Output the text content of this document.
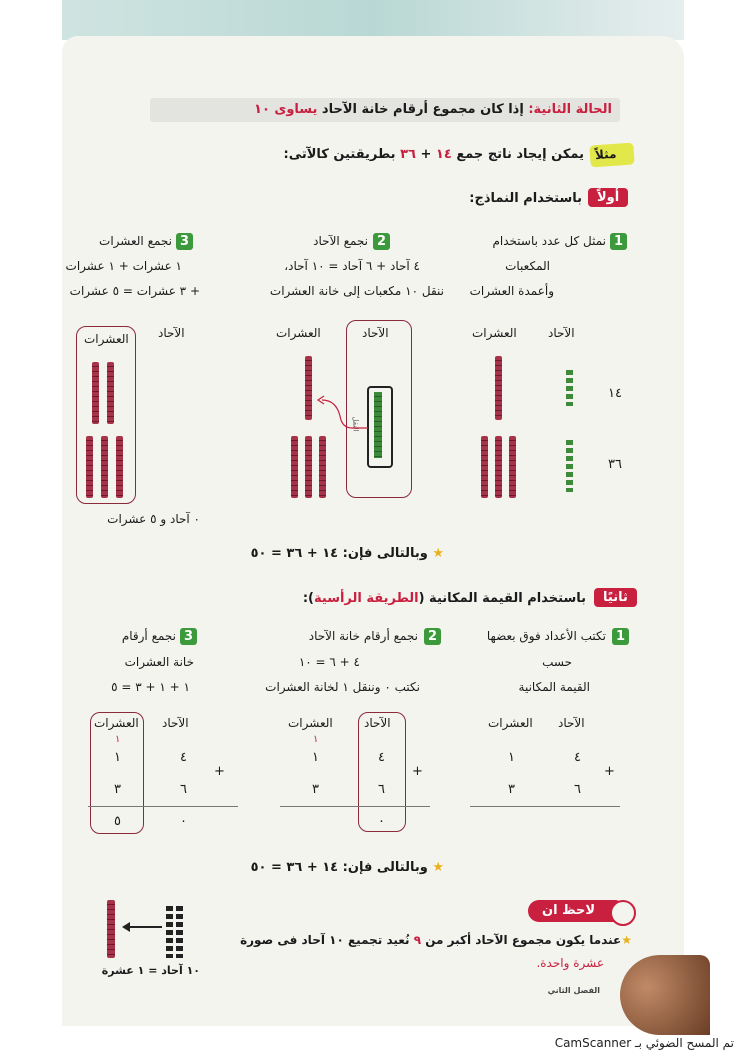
الحالة الثانية: إذا كان مجموع أرقام خانة الآحاد يساوى ١٠
مثلاً
يمكن إيجاد ناتج جمع ١٤ + ٣٦ بطريقتين كالآتى:
أولاً
باستخدام النماذج:
1
نمثل كل عدد باستخدام
المكعبات
وأعمدة العشرات
2
نجمع الآحاد
٤ آحاد + ٦ آحاد = ١٠ آحاد،
ننقل ١٠ مكعبات إلى خانة العشرات
3
نجمع العشرات
١ عشرات + ١ عشرات
+ ٣ عشرات = ٥ عشرات
الآحاد
العشرات
١٤
٣٦
الآحاد
العشرات
النقل
العشرات الآحاد
٠ آحاد و ٥ عشرات
★ وبالتالى فإن: ١٤ + ٣٦ = ٥٠
ثانيًا
باستخدام القيمة المكانية (الطريقة الرأسية):
1
تكتب الأعداد فوق بعضها
حسب
القيمة المكانية
2
نجمع أرقام خانة الآحاد
٤ + ٦ = ١٠
نكتب ٠ وننقل ١ لخانة العشرات
3
نجمع أرقام
خانة العشرات
١ + ١ + ٣ = ٥
الآحاد
العشرات
٤
١
٦
٣
+
الآحاد
العشرات
١
٤
١
٦
٣
+
٠
العشرات الآحاد
١
٤
١
٦
٣
+
٠
٥
★ وبالتالى فإن: ١٤ + ٣٦ = ٥٠
لاحظ ان
★عندما يكون مجموع الآحاد أكبر من ٩ نُعيد تجميع ١٠ آحاد فى صورة
عشرة واحدة.
١٠ آحاد = ١ عشرة
الفصل الثاني
تم المسح الضوئي بـ CamScanner
